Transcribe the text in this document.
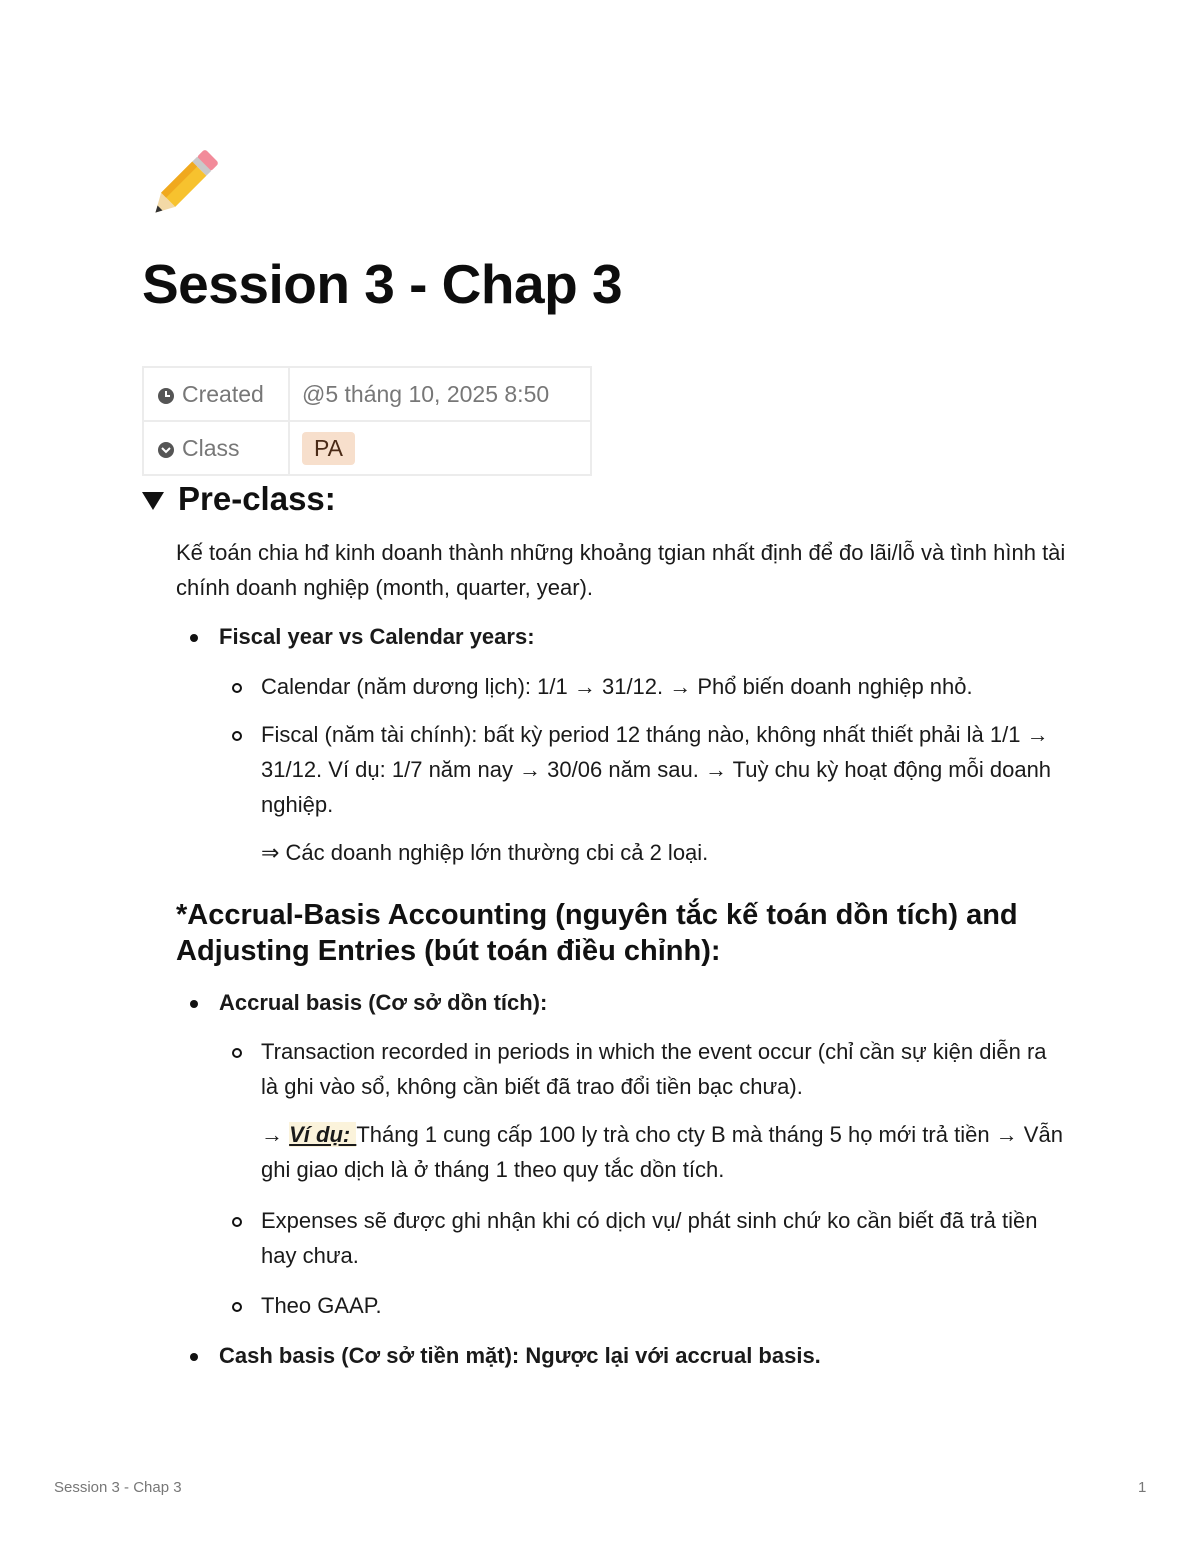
Session 3 - Chap 3
Created	@5 tháng 10, 2025 8:50
Class	PA
Pre-class:

Kế toán chia hđ kinh doanh thành những khoảng tgian nhất định để đo lãi/lỗ và tình hình tài chính doanh nghiệp (month, quarter, year).

Fiscal year vs Calendar years:

Calendar (năm dương lịch): 1/1 → 31/12. → Phổ biến doanh nghiệp nhỏ.

Fiscal (năm tài chính): bất kỳ period 12 tháng nào, không nhất thiết phải là 1/1 → 31/12. Ví dụ: 1/7 năm nay → 30/06 năm sau. → Tuỳ chu kỳ hoạt động mỗi doanh nghiệp.

⇒ Các doanh nghiệp lớn thường cbi cả 2 loại.

*Accrual-Basis Accounting (nguyên tắc kế toán dồn tích) and Adjusting Entries (bút toán điều chỉnh):

Accrual basis (Cơ sở dồn tích):

Transaction recorded in periods in which the event occur (chỉ cần sự kiện diễn ra là ghi vào sổ, không cần biết đã trao đổi tiền bạc chưa).

→ Ví dụ: Tháng 1 cung cấp 100 ly trà cho cty B mà tháng 5 họ mới trả tiền → Vẫn ghi giao dịch là ở tháng 1 theo quy tắc dồn tích.

Expenses sẽ được ghi nhận khi có dịch vụ/ phát sinh chứ ko cần biết đã trả tiền hay chưa.

Theo GAAP.

Cash basis (Cơ sở tiền mặt): Ngược lại với accrual basis.

Session 3 - Chap 3	1
